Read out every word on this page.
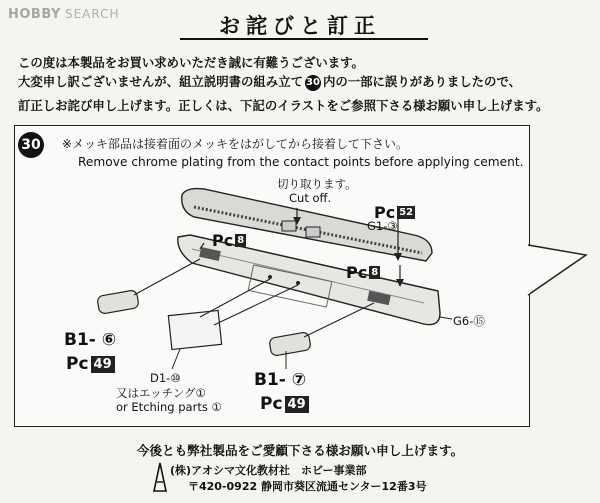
HOBBY SEARCH	お詫びと訂正
この度は本製品をお買い求めいただき誠に有難うございます。
大変申し訳ございませんが、組立説明書の組み立て 30 内の一部に誤りがありましたので、
訂正しお詫び申し上げます。正しくは、下記のイラストをご参照下さる様お願い申し上げます。
30 ※メッキ部品は接着面のメッキをはがしてから接着して下さい。
Remove chrome plating from the contact points before applying cement.
切り取ります。
Cut off.
Pc 52
G1-③
Pc 8
Pc 8
G6-⑮
B1- ⑥
Pc 49
D1-⑩
又はエッチング①
or Etching parts ①
B1- ⑦
Pc 49
今後とも弊社製品をご愛顧下さる様お願い申し上げます。
(株)アオシマ文化教材社　ホビー事業部
〒420-0922 静岡市葵区流通センター12番3号
